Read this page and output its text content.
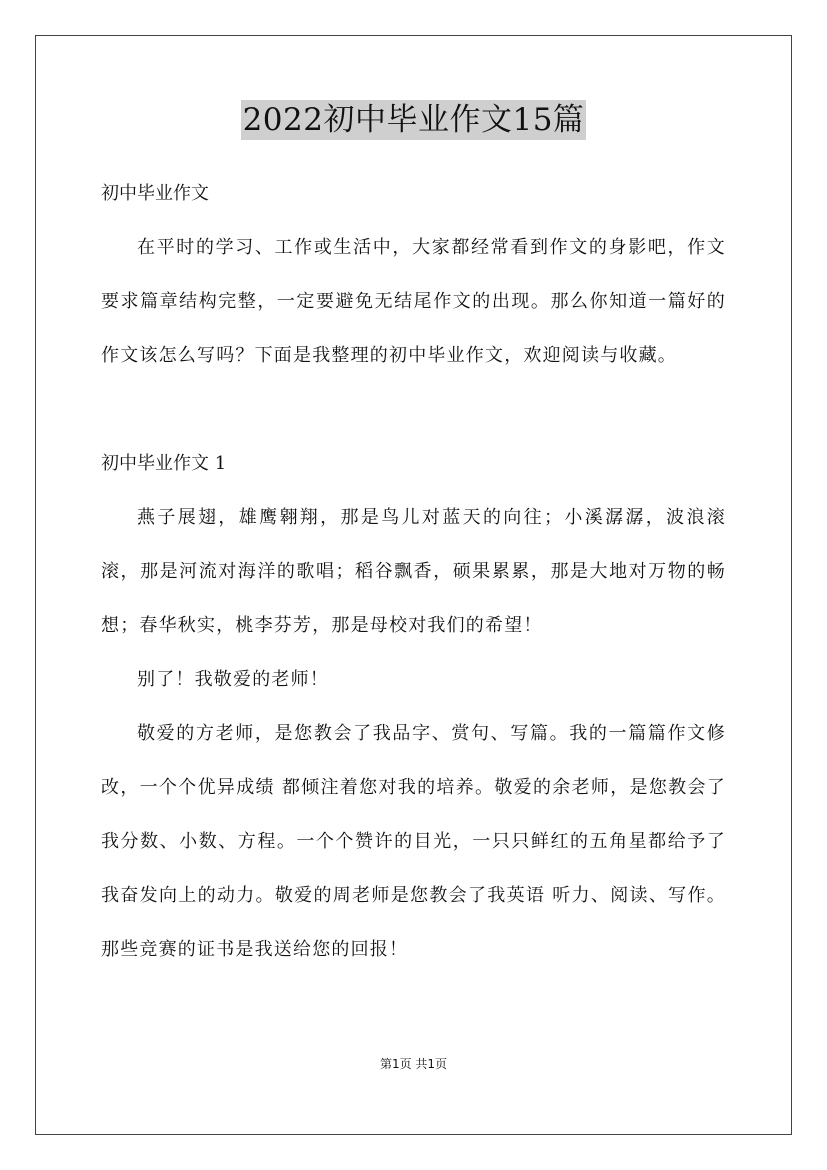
2022初中毕业作文15篇

初中毕业作文

在平时的学习、工作或生活中，大家都经常看到作文的身影吧，作文要求篇章结构完整，一定要避免无结尾作文的出现。那么你知道一篇好的作文该怎么写吗？下面是我整理的初中毕业作文，欢迎阅读与收藏。

初中毕业作文 1

燕子展翅，雄鹰翱翔，那是鸟儿对蓝天的向往；小溪潺潺，波浪滚滚，那是河流对海洋的歌唱；稻谷飘香，硕果累累，那是大地对万物的畅想；春华秋实，桃李芬芳，那是母校对我们的希望！

别了！我敬爱的老师！

敬爱的方老师，是您教会了我品字、赏句、写篇。我的一篇篇作文修改，一个个优异成绩 都倾注着您对我的培养。敬爱的余老师，是您教会了我分数、小数、方程。一个个赞许的目光，一只只鲜红的五角星都给予了我奋发向上的动力。敬爱的周老师是您教会了我英语 听力、阅读、写作。那些竞赛的证书是我送给您的回报！

第1页 共1页
